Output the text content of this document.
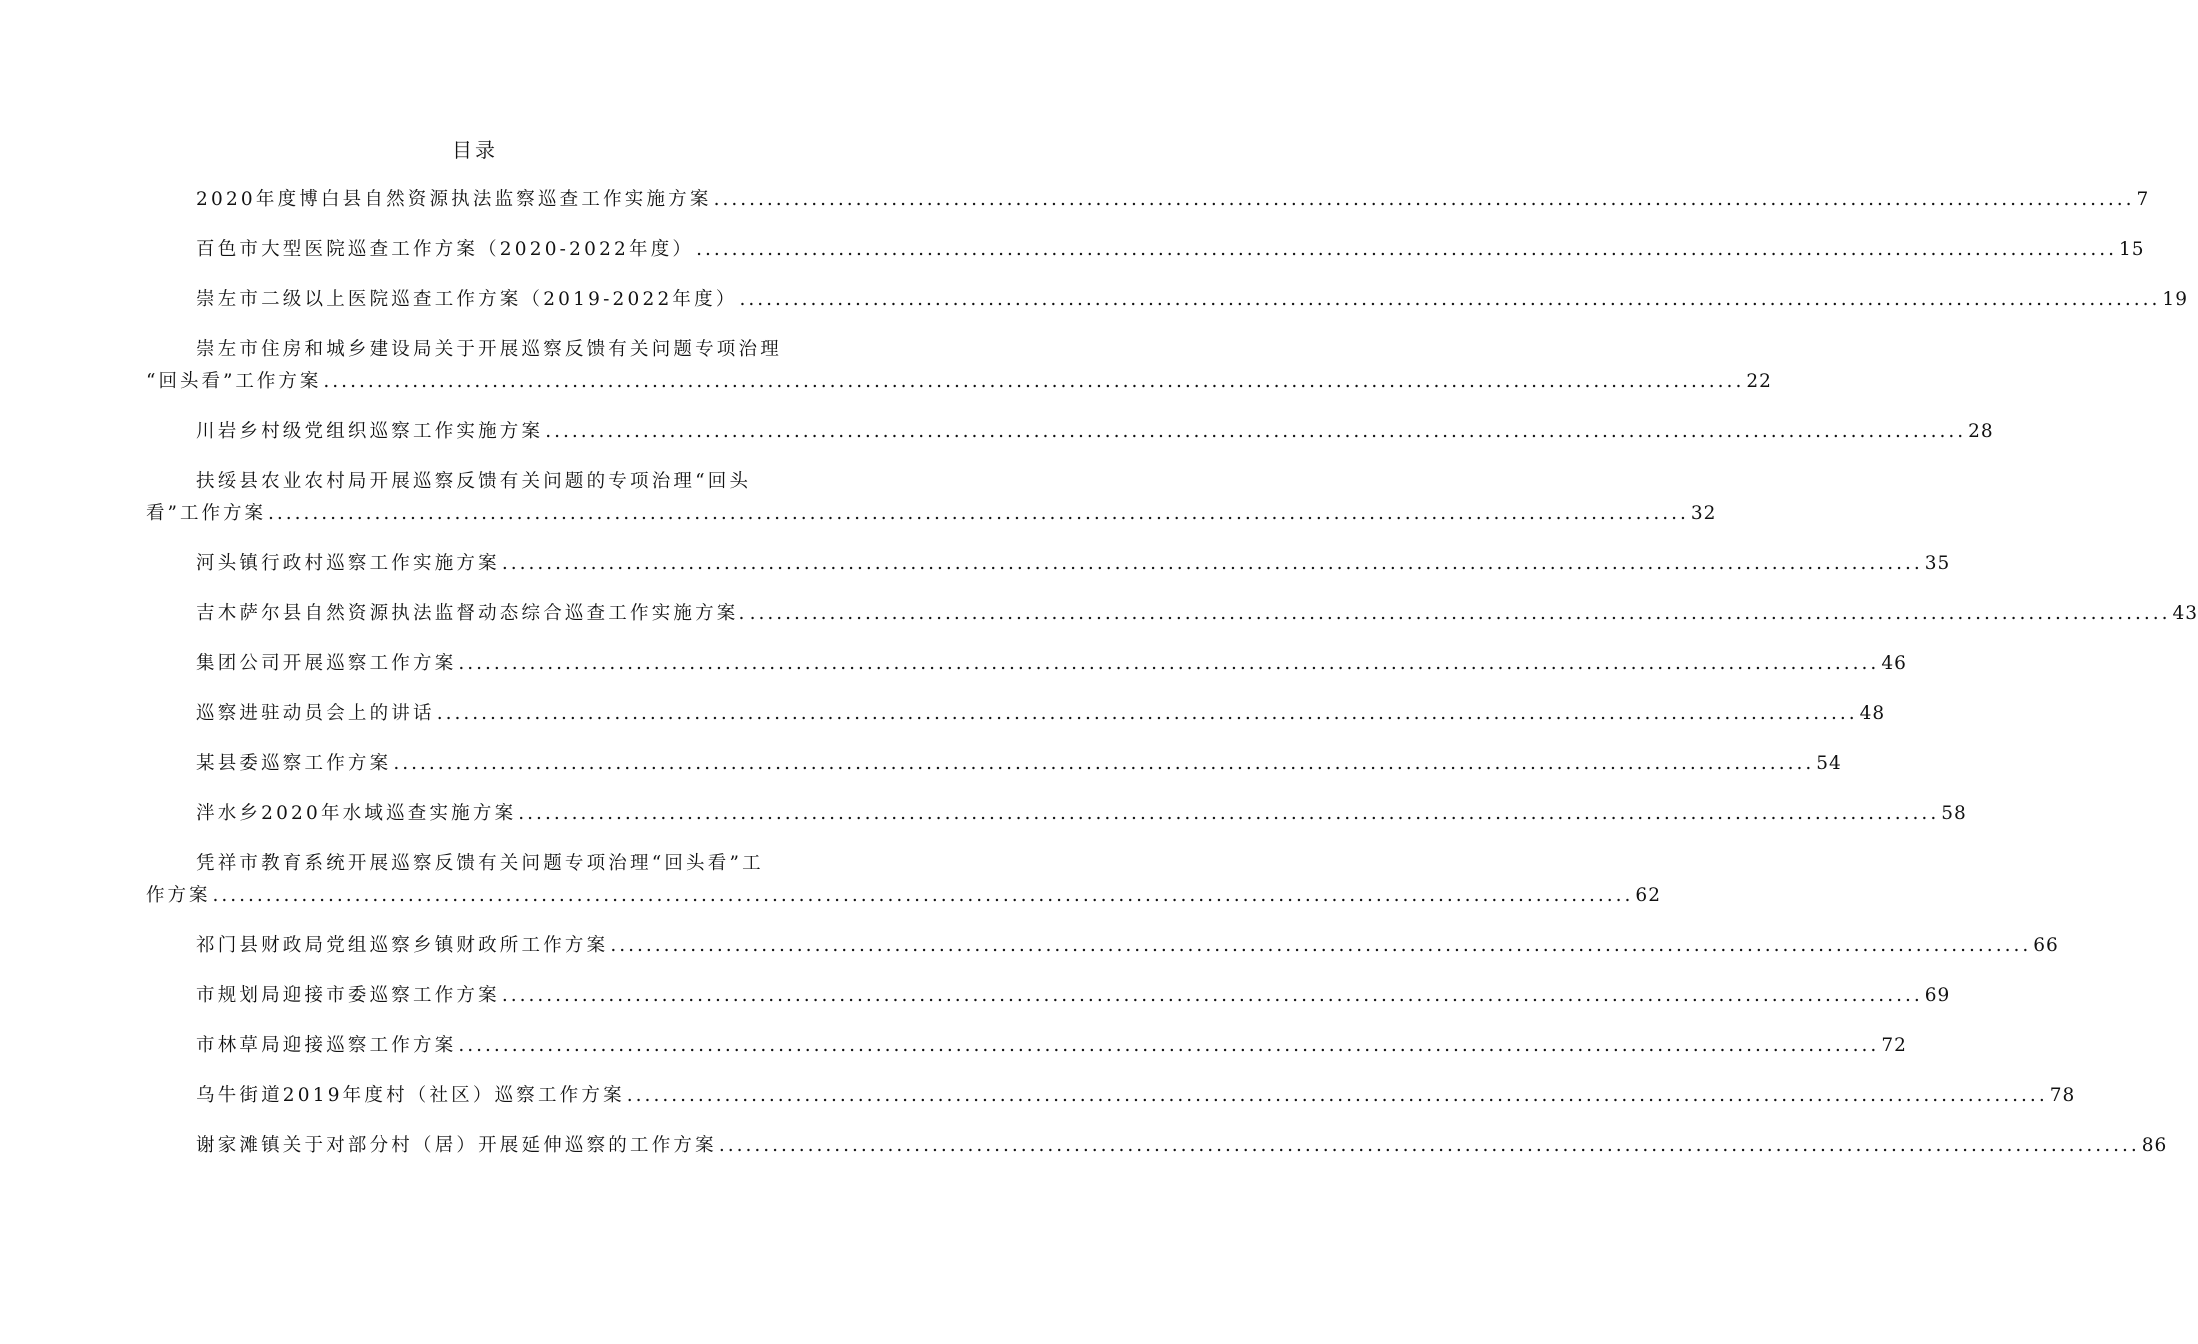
目录
2020年度博白县自然资源执法监察巡查工作实施方案 ................................................................................................................................................................ 7
百色市大型医院巡查工作方案（2020-2022年度） ................................................................................................................................................................ 15
崇左市二级以上医院巡查工作方案（2019-2022年度） ................................................................................................................................................................ 19
崇左市住房和城乡建设局关于开展巡察反馈有关问题专项治理
“回头看”工作方案 ................................................................................................................................................................ 22
川岩乡村级党组织巡察工作实施方案 ................................................................................................................................................................ 28
扶绥县农业农村局开展巡察反馈有关问题的专项治理“回头
看”工作方案 ................................................................................................................................................................ 32
河头镇行政村巡察工作实施方案 ................................................................................................................................................................ 35
吉木萨尔县自然资源执法监督动态综合巡查工作实施方案. ................................................................................................................................................................ 43
集团公司开展巡察工作方案 ................................................................................................................................................................ 46
巡察进驻动员会上的讲话 ................................................................................................................................................................ 48
某县委巡察工作方案 ................................................................................................................................................................ 54
泮水乡2020年水域巡查实施方案 ................................................................................................................................................................ 58
凭祥市教育系统开展巡察反馈有关问题专项治理“回头看”工
作方案 ................................................................................................................................................................ 62
祁门县财政局党组巡察乡镇财政所工作方案 ................................................................................................................................................................ 66
市规划局迎接市委巡察工作方案 ................................................................................................................................................................ 69
市林草局迎接巡察工作方案 ................................................................................................................................................................ 72
乌牛街道2019年度村（社区）巡察工作方案 ................................................................................................................................................................ 78
谢家滩镇关于对部分村（居）开展延伸巡察的工作方案 ................................................................................................................................................................ 86
